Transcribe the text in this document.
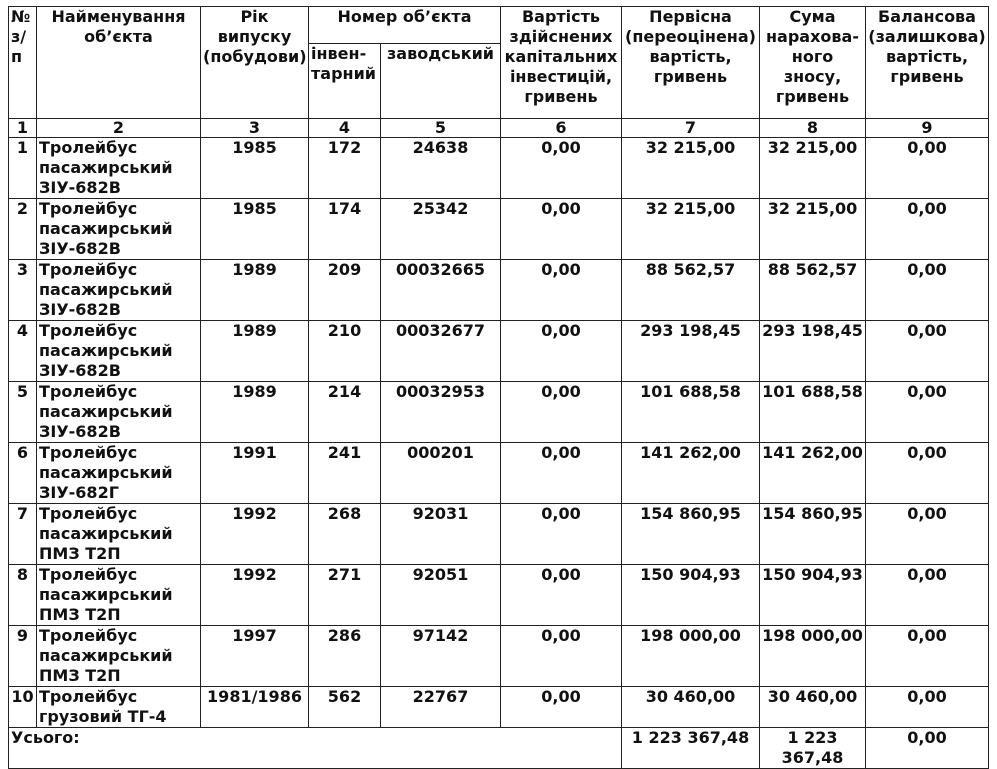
№ з/п	Найменування об’єкта	Рік випуску (побудови)	Номер об’єкта		Вартість здійснених капітальних інвестицій, гривень	Первісна (переоцінена) вартість, гривень	Сума нарахова-ного зносу, гривень	Балансова (залишкова) вартість, гривень
			інвен-тарний	заводський				
1	2	3	4	5	6	7	8	9
1	Тролейбус пасажирський ЗІУ-682В	1985	172	24638	0,00	32 215,00	32 215,00	0,00
2	Тролейбус пасажирський ЗІУ-682В	1985	174	25342	0,00	32 215,00	32 215,00	0,00
3	Тролейбус пасажирський ЗІУ-682В	1989	209	00032665	0,00	88 562,57	88 562,57	0,00
4	Тролейбус пасажирський ЗІУ-682В	1989	210	00032677	0,00	293 198,45	293 198,45	0,00
5	Тролейбус пасажирський ЗІУ-682В	1989	214	00032953	0,00	101 688,58	101 688,58	0,00
6	Тролейбус пасажирський ЗІУ-682Г	1991	241	000201	0,00	141 262,00	141 262,00	0,00
7	Тролейбус пасажирський ПМЗ Т2П	1992	268	92031	0,00	154 860,95	154 860,95	0,00
8	Тролейбус пасажирський ПМЗ Т2П	1992	271	92051	0,00	150 904,93	150 904,93	0,00
9	Тролейбус пасажирський ПМЗ Т2П	1997	286	97142	0,00	198 000,00	198 000,00	0,00
10	Тролейбус грузовий ТГ-4	1981/1986	562	22767	0,00	30 460,00	30 460,00	0,00
Усього:						1 223 367,48	1 223 367,48	0,00
